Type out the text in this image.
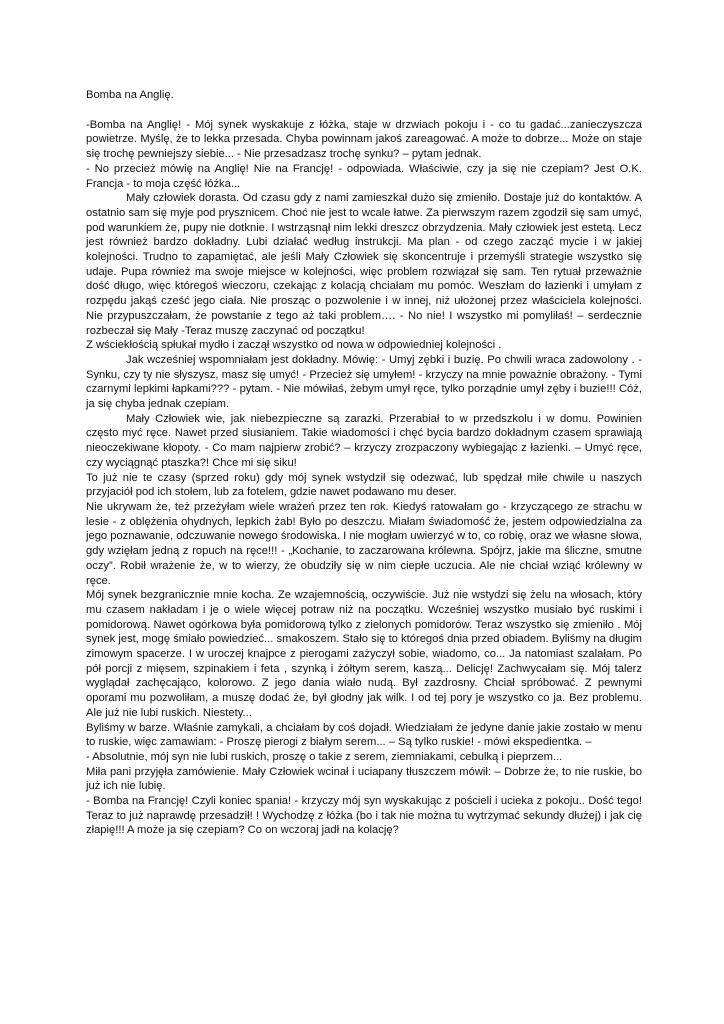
Bomba na Anglię.

-Bomba na Anglię! - Mój synek wyskakuje z łóżka, staje w drzwiach pokoju i - co tu gadać...zanieczyszcza powietrze. Myślę, że to lekka przesada. Chyba powinnam jakoś zareagować. A może to dobrze... Może on staje się trochę pewniejszy siebie... - Nie przesadzasz trochę synku? – pytam jednak.

- No przecież mówię na Anglię! Nie na Francję! - odpowiada. Właściwie, czy ja się nie czepiam? Jest O.K. Francja - to moja część łóżka...

Mały człowiek dorasta. Od czasu gdy z nami zamieszkał dużo się zmieniło. Dostaje już do kontaktów. A ostatnio sam się myje pod prysznicem. Choć nie jest to wcale łatwe. Za pierwszym razem zgodził się sam umyć, pod warunkiem że, pupy nie dotknie. I wstrząsnął nim lekki dreszcz obrzydzenia. Mały człowiek jest estetą. Lecz jest również bardzo dokładny. Lubi działać według instrukcji. Ma plan - od czego zacząć mycie i w jakiej kolejności. Trudno to zapamiętać, ale jeśli Mały Człowiek się skoncentruje i przemyśli strategie wszystko się udaje. Pupa również ma swoje miejsce w kolejności, więc problem rozwiązał się sam. Ten rytuał przeważnie dość długo, więc któregoś wieczoru, czekając z kolacją chciałam mu pomóc. Weszłam do łazienki i umyłam z rozpędu jakąś cześć jego ciała. Nie prosząc o pozwolenie i w innej, niż ułożonej przez właściciela kolejności. Nie przypuszczałam, że powstanie z tego aż taki problem…. - No nie! I wszystko mi pomyliłaś! – serdecznie rozbeczał się Mały -Teraz muszę zaczynać od początku!

Z wściekłością spłukał mydło i zaczął wszystko od nowa w odpowiedniej kolejności .

Jak wcześniej wspomniałam jest dokładny. Mówię: - Umyj zębki i buzię. Po chwili wraca zadowolony . - Synku, czy ty nie słyszysz, masz się umyć! - Przecież się umyłem! - krzyczy na mnie poważnie obrażony. - Tymi czarnymi lepkimi łapkami??? - pytam. - Nie mówiłaś, żebym umył ręce, tylko porządnie umył zęby i buzie!!! Cóż, ja się chyba jednak czepiam.

Mały Człowiek wie, jak niebezpieczne są zarazki. Przerabiał to w przedszkolu i w domu. Powinien często myć ręce. Nawet przed siusianiem. Takie wiadomości i chęć bycia bardzo dokładnym czasem sprawiają nieoczekiwane kłopoty. - Co mam najpierw zrobić? – krzyczy zrozpaczony wybiegając z łazienki. – Umyć ręce, czy wyciągnąć ptaszka?! Chce mi się siku!

To już nie te czasy (sprzed roku) gdy mój synek wstydził się odezwać, lub spędzał miłe chwile u naszych przyjaciół pod ich stołem, lub za fotelem, gdzie nawet podawano mu deser.

Nie ukrywam że, też przeżyłam wiele wrażeń przez ten rok. Kiedyś ratowałam go - krzyczącego ze strachu w lesie - z oblężenia ohydnych, lepkich żab! Było po deszczu. Miałam świadomość że, jestem odpowiedzialna za jego poznawanie, odczuwanie nowego środowiska. I nie mogłam uwierzyć w to, co robię, oraz we własne słowa, gdy wzięłam jedną z ropuch na ręce!!! - „Kochanie, to zaczarowana królewna. Spójrz, jakie ma śliczne, smutne oczy”. Robił wrażenie że, w to wierzy, że obudziły się w nim ciepłe uczucia. Ale nie chciał wziąć królewny w ręce.

Mój synek bezgranicznie mnie kocha. Ze wzajemnością, oczywiście. Już nie wstydzi się żelu na włosach, który mu czasem nakładam i je o wiele więcej potraw niż na początku. Wcześniej wszystko musiało być ruskimi i pomidorową. Nawet ogórkowa była pomidorową tylko z zielonych pomidorów. Teraz wszystko się zmieniło . Mój synek jest, mogę śmiało powiedzieć... smakoszem. Stało się to któregoś dnia przed obiadem. Byliśmy na długim zimowym spacerze. I w uroczej knajpce z pierogami zażyczył sobie, wiadomo, co... Ja natomiast szalałam. Po pół porcji z mięsem, szpinakiem i feta , szynką i żółtym serem, kaszą... Delicję! Zachwycałam się. Mój talerz wyglądał zachęcająco, kolorowo. Z jego dania wiało nudą. Był zazdrosny. Chciał spróbować. Z pewnymi oporami mu pozwoliłam, a muszę dodać że, był głodny jak wilk. I od tej pory je wszystko co ja. Bez problemu. Ale już nie lubi ruskich. Niestety...

Byliśmy w barze. Właśnie zamykali, a chciałam by coś dojadł. Wiedziałam że jedyne danie jakie zostało w menu to ruskie, więc zamawiam: - Proszę pierogi z białym serem... – Są tylko ruskie! - mówi ekspedientka. –

- Absolutnie, mój syn nie lubi ruskich, proszę o takie z serem, ziemniakami, cebulką i pieprzem...

Miła pani przyjęła zamówienie. Mały Człowiek wcinał i uciapany tłuszczem mówił: – Dobrze że, to nie ruskie, bo już ich nie lubię.

- Bomba na Francję! Czyli koniec spania! - krzyczy mój syn wyskakując z pościeli i ucieka z pokoju.. Dość tego! Teraz to już naprawdę przesadził! ! Wychodzę z łóżka (bo i tak nie można tu wytrzymać sekundy dłużej) i jak cię złapię!!! A może ja się czepiam? Co on wczoraj jadł na kolację?
